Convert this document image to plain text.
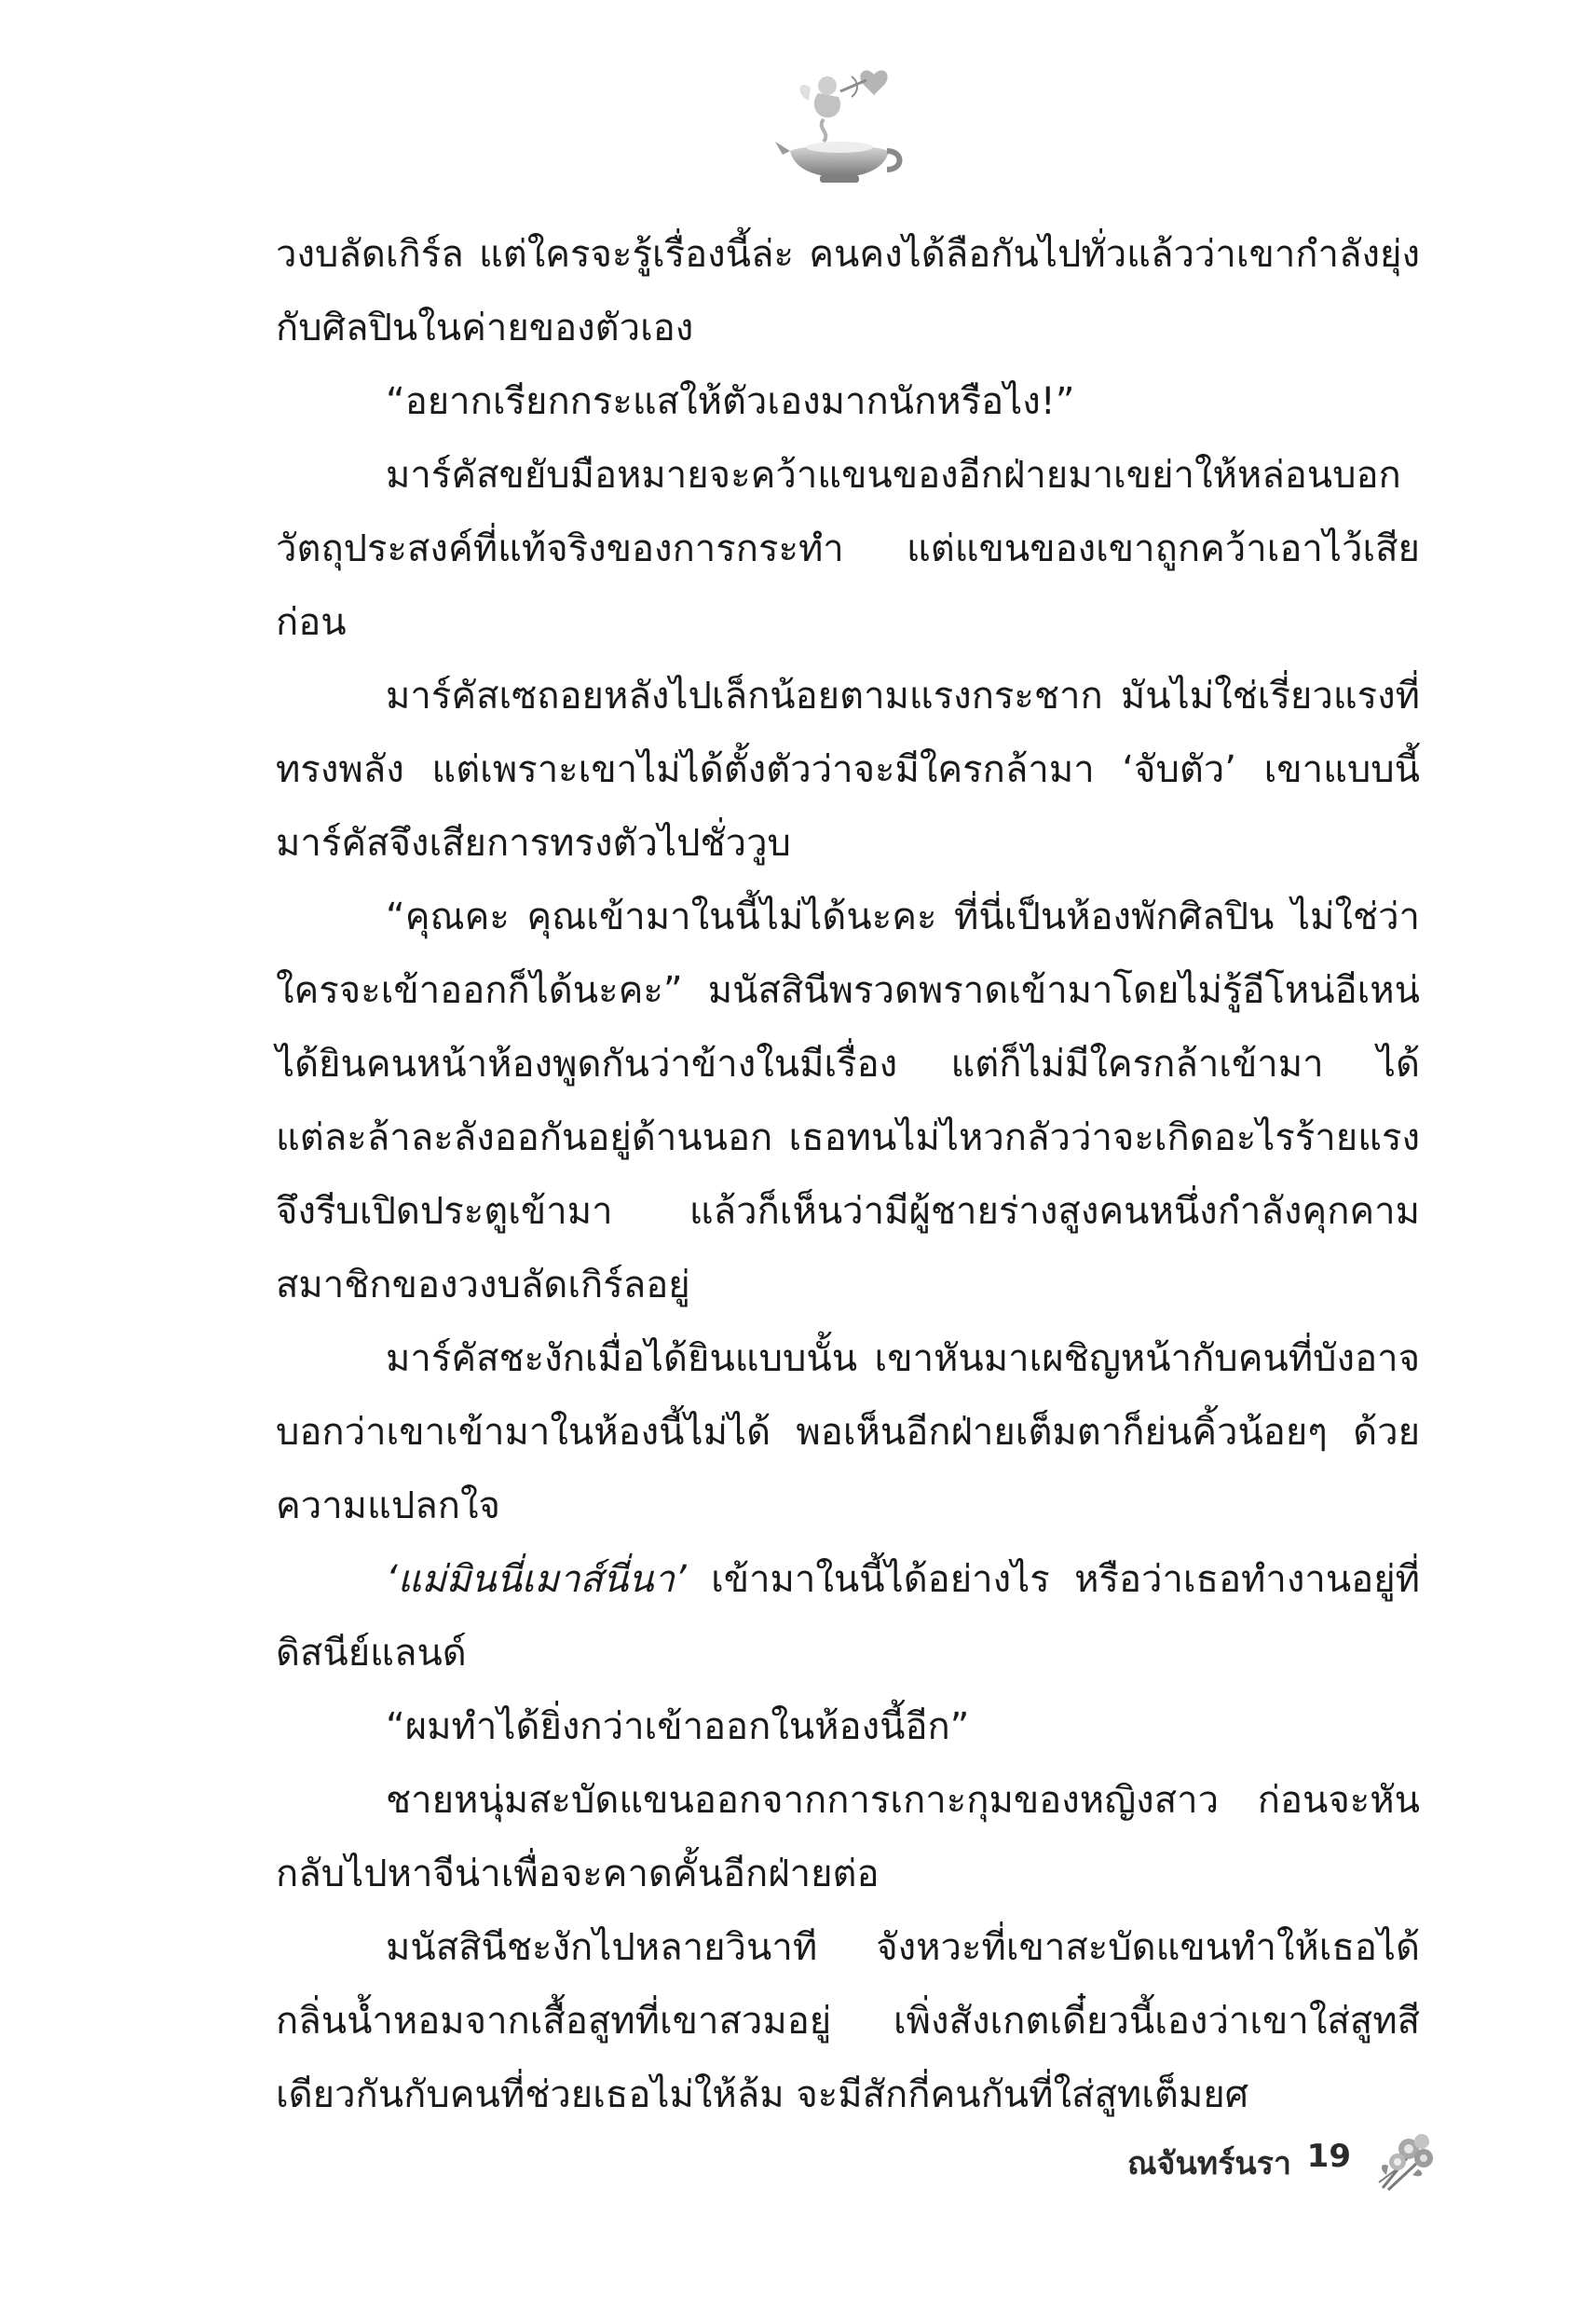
วงบลัดเกิร์ล แต่ใครจะรู้เรื่องนี้ล่ะ คนคงได้ลือกันไปทั่วแล้วว่าเขากำลังยุ่งกับศิลปินในค่ายของตัวเอง

“อยากเรียกกระแสให้ตัวเองมากนักหรือไง!”

มาร์คัสขยับมือหมายจะคว้าแขนของอีกฝ่ายมาเขย่าให้หล่อนบอกวัตถุประสงค์ที่แท้จริงของการกระทำ แต่แขนของเขาถูกคว้าเอาไว้เสียก่อน

มาร์คัสเซถอยหลังไปเล็กน้อยตามแรงกระชาก มันไม่ใช่เรี่ยวแรงที่ทรงพลัง แต่เพราะเขาไม่ได้ตั้งตัวว่าจะมีใครกล้ามา ‘จับตัว’ เขาแบบนี้ มาร์คัสจึงเสียการทรงตัวไปชั่ววูบ

“คุณคะ คุณเข้ามาในนี้ไม่ได้นะคะ ที่นี่เป็นห้องพักศิลปิน ไม่ใช่ว่าใครจะเข้าออกก็ได้นะคะ” มนัสสินีพรวดพราดเข้ามาโดยไม่รู้อีโหน่อีเหน่ ได้ยินคนหน้าห้องพูดกันว่าข้างในมีเรื่อง แต่ก็ไม่มีใครกล้าเข้ามา ได้แต่ละล้าละลังออกันอยู่ด้านนอก เธอทนไม่ไหวกลัวว่าจะเกิดอะไรร้ายแรงจึงรีบเปิดประตูเข้ามา แล้วก็เห็นว่ามีผู้ชายร่างสูงคนหนึ่งกำลังคุกคามสมาชิกของวงบลัดเกิร์ลอยู่

มาร์คัสชะงักเมื่อได้ยินแบบนั้น เขาหันมาเผชิญหน้ากับคนที่บังอาจบอกว่าเขาเข้ามาในห้องนี้ไม่ได้ พอเห็นอีกฝ่ายเต็มตาก็ย่นคิ้วน้อยๆ ด้วยความแปลกใจ

‘แม่มินนี่เมาส์นี่นา’ เข้ามาในนี้ได้อย่างไร หรือว่าเธอทำงานอยู่ที่ดิสนีย์แลนด์

“ผมทำได้ยิ่งกว่าเข้าออกในห้องนี้อีก”

ชายหนุ่มสะบัดแขนออกจากการเกาะกุมของหญิงสาว ก่อนจะหันกลับไปหาจีน่าเพื่อจะคาดคั้นอีกฝ่ายต่อ

มนัสสินีชะงักไปหลายวินาที จังหวะที่เขาสะบัดแขนทำให้เธอได้กลิ่นน้ำหอมจากเสื้อสูทที่เขาสวมอยู่ เพิ่งสังเกตเดี๋ยวนี้เองว่าเขาใส่สูทสีเดียวกันกับคนที่ช่วยเธอไม่ให้ล้ม จะมีสักกี่คนกันที่ใส่สูทเต็มยศ

ณจันทร์นรา 19
